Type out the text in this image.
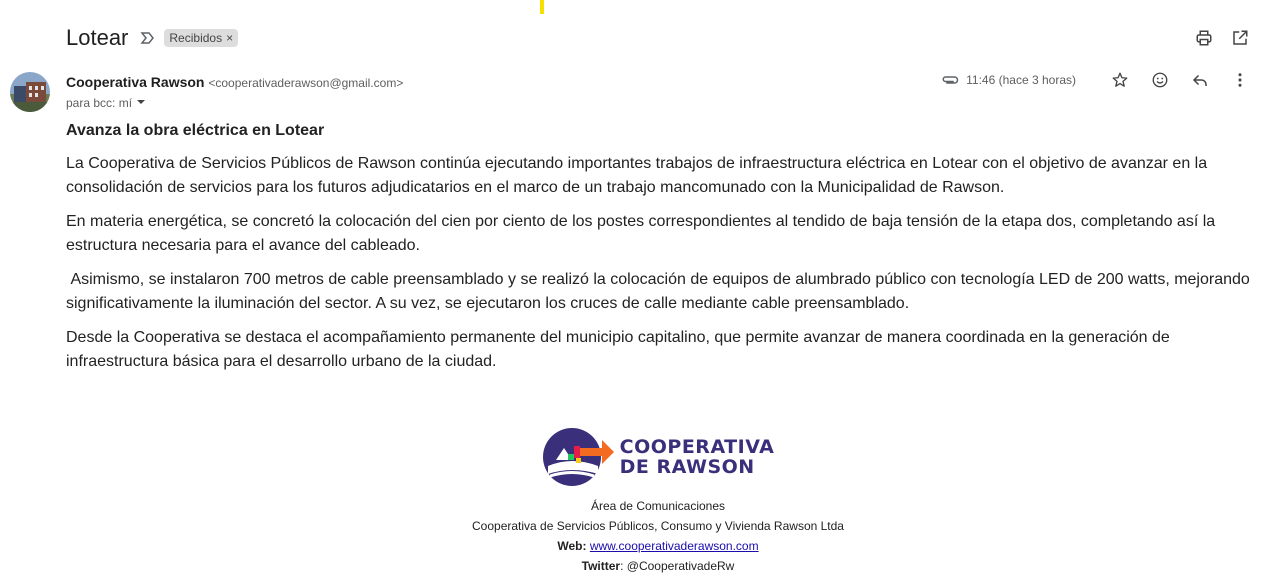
Lotear	Recibidos ×
Cooperativa Rawson <cooperativaderawson@gmail.com>
para bcc: mí
11:46 (hace 3 horas)
Avanza la obra eléctrica en Lotear

La Cooperativa de Servicios Públicos de Rawson continúa ejecutando importantes trabajos de infraestructura eléctrica en Lotear con el objetivo de avanzar en la consolidación de servicios para los futuros adjudicatarios en el marco de un trabajo mancomunado con la Municipalidad de Rawson.

En materia energética, se concretó la colocación del cien por ciento de los postes correspondientes al tendido de baja tensión de la etapa dos, completando así la estructura necesaria para el avance del cableado.

Asimismo, se instalaron 700 metros de cable preensamblado y se realizó la colocación de equipos de alumbrado público con tecnología LED de 200 watts, mejorando significativamente la iluminación del sector. A su vez, se ejecutaron los cruces de calle mediante cable preensamblado.

Desde la Cooperativa se destaca el acompañamiento permanente del municipio capitalino, que permite avanzar de manera coordinada en la generación de infraestructura básica para el desarrollo urbano de la ciudad.

COOPERATIVA
DE RAWSON
Área de Comunicaciones
Cooperativa de Servicios Públicos, Consumo y Vivienda Rawson Ltda
Web: www.cooperativaderawson.com
Twitter: @CooperativadeRw
